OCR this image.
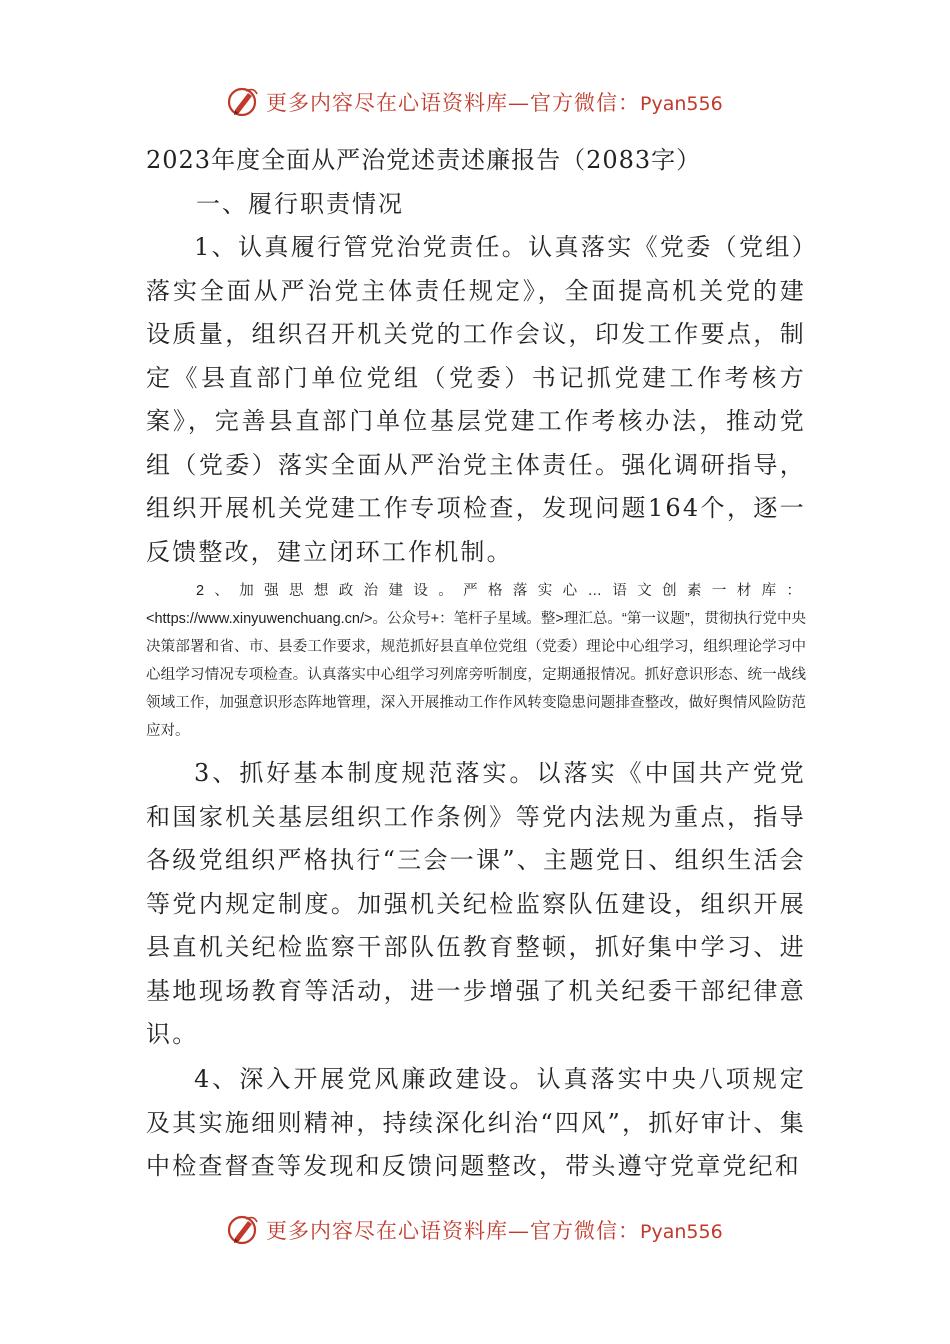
更多内容尽在心语资料库—官方微信：Pyan556
2023年度全面从严治党述责述廉报告（2083字）
一、履行职责情况

1、认真履行管党治党责任。认真落实《党委（党组）落实全面从严治党主体责任规定》，全面提高机关党的建设质量，组织召开机关党的工作会议，印发工作要点，制定《县直部门单位党组（党委）书记抓党建工作考核方案》，完善县直部门单位基层党建工作考核办法，推动党组（党委）落实全面从严治党主体责任。强化调研指导，组织开展机关党建工作专项检查，发现问题164个，逐一反馈整改，建立闭环工作机制。

2、加强思想政治建设。严格落实心…语文创素一材库：<https://www.xinyuwenchuang.cn/>。公众号+：笔杆子星域。整>理汇总。“第一议题”，贯彻执行党中央决策部署和省、市、县委工作要求，规范抓好县直单位党组（党委）理论中心组学习，组织理论学习中心组学习情况专项检查。认真落实中心组学习列席旁听制度，定期通报情况。抓好意识形态、统一战线领域工作，加强意识形态阵地管理，深入开展推动工作作风转变隐患问题排查整改，做好舆情风险防范应对。

3、抓好基本制度规范落实。以落实《中国共产党党和国家机关基层组织工作条例》等党内法规为重点，指导各级党组织严格执行“三会一课”、主题党日、组织生活会等党内规定制度。加强机关纪检监察队伍建设，组织开展县直机关纪检监察干部队伍教育整顿，抓好集中学习、进基地现场教育等活动，进一步增强了机关纪委干部纪律意识。

4、深入开展党风廉政建设。认真落实中央八项规定及其实施细则精神，持续深化纠治“四风”，抓好审计、集中检查督查等发现和反馈问题整改，带头遵守党章党纪和

更多内容尽在心语资料库—官方微信：Pyan556
